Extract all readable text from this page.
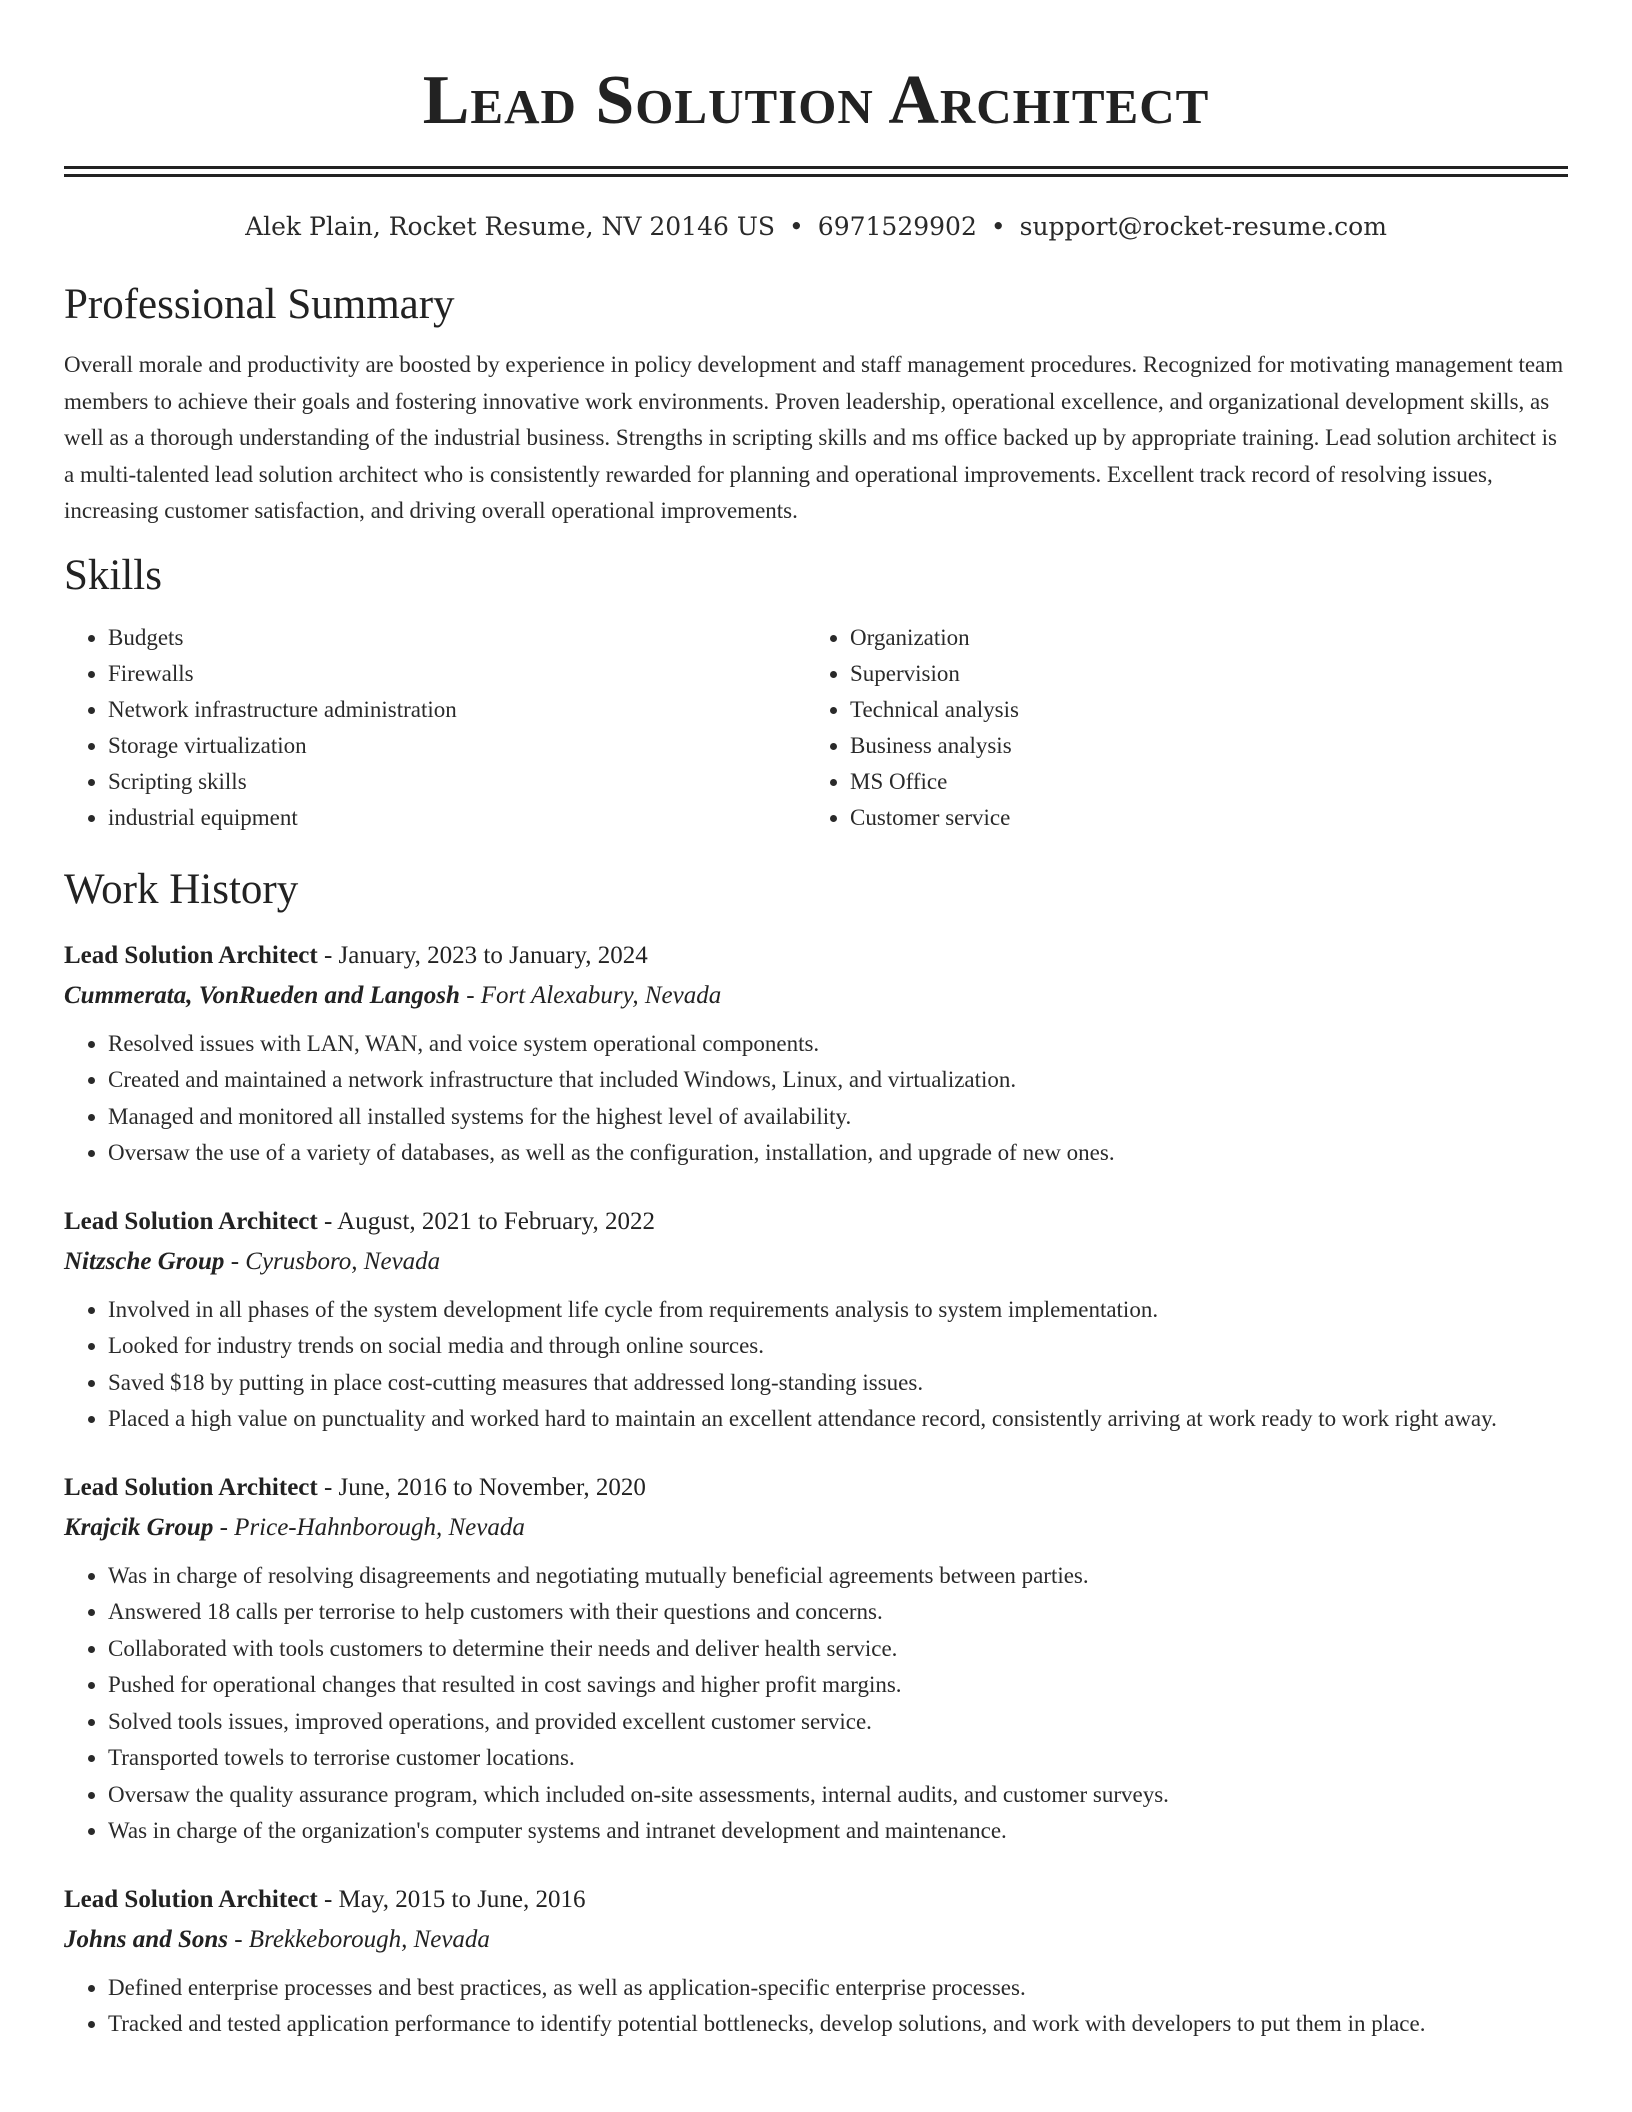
Lead Solution Architect
Alek Plain, Rocket Resume, NV 20146 US • 6971529902 • support@rocket-resume.com
Professional Summary

Overall morale and productivity are boosted by experience in policy development and staff management procedures. Recognized for motivating management team members to achieve their goals and fostering innovative work environments. Proven leadership, operational excellence, and organizational development skills, as well as a thorough understanding of the industrial business. Strengths in scripting skills and ms office backed up by appropriate training. Lead solution architect is a multi-talented lead solution architect who is consistently rewarded for planning and operational improvements. Excellent track record of resolving issues, increasing customer satisfaction, and driving overall operational improvements.

Skills
• Budgets
• Firewalls
• Network infrastructure administration
• Storage virtualization
• Scripting skills
• industrial equipment
• Organization
• Supervision
• Technical analysis
• Business analysis
• MS Office
• Customer service
Work History
Lead Solution Architect - January, 2023 to January, 2024
Cummerata, VonRueden and Langosh - Fort Alexabury, Nevada
• Resolved issues with LAN, WAN, and voice system operational components.
• Created and maintained a network infrastructure that included Windows, Linux, and virtualization.
• Managed and monitored all installed systems for the highest level of availability.
• Oversaw the use of a variety of databases, as well as the configuration, installation, and upgrade of new ones.
Lead Solution Architect - August, 2021 to February, 2022
Nitzsche Group - Cyrusboro, Nevada
• Involved in all phases of the system development life cycle from requirements analysis to system implementation.
• Looked for industry trends on social media and through online sources.
• Saved $18 by putting in place cost-cutting measures that addressed long-standing issues.
• Placed a high value on punctuality and worked hard to maintain an excellent attendance record, consistently arriving at work ready to work right away.
Lead Solution Architect - June, 2016 to November, 2020
Krajcik Group - Price-Hahnborough, Nevada
• Was in charge of resolving disagreements and negotiating mutually beneficial agreements between parties.
• Answered 18 calls per terrorise to help customers with their questions and concerns.
• Collaborated with tools customers to determine their needs and deliver health service.
• Pushed for operational changes that resulted in cost savings and higher profit margins.
• Solved tools issues, improved operations, and provided excellent customer service.
• Transported towels to terrorise customer locations.
• Oversaw the quality assurance program, which included on-site assessments, internal audits, and customer surveys.
• Was in charge of the organization's computer systems and intranet development and maintenance.
Lead Solution Architect - May, 2015 to June, 2016
Johns and Sons - Brekkeborough, Nevada
• Defined enterprise processes and best practices, as well as application-specific enterprise processes.
• Tracked and tested application performance to identify potential bottlenecks, develop solutions, and work with developers to put them in place.
